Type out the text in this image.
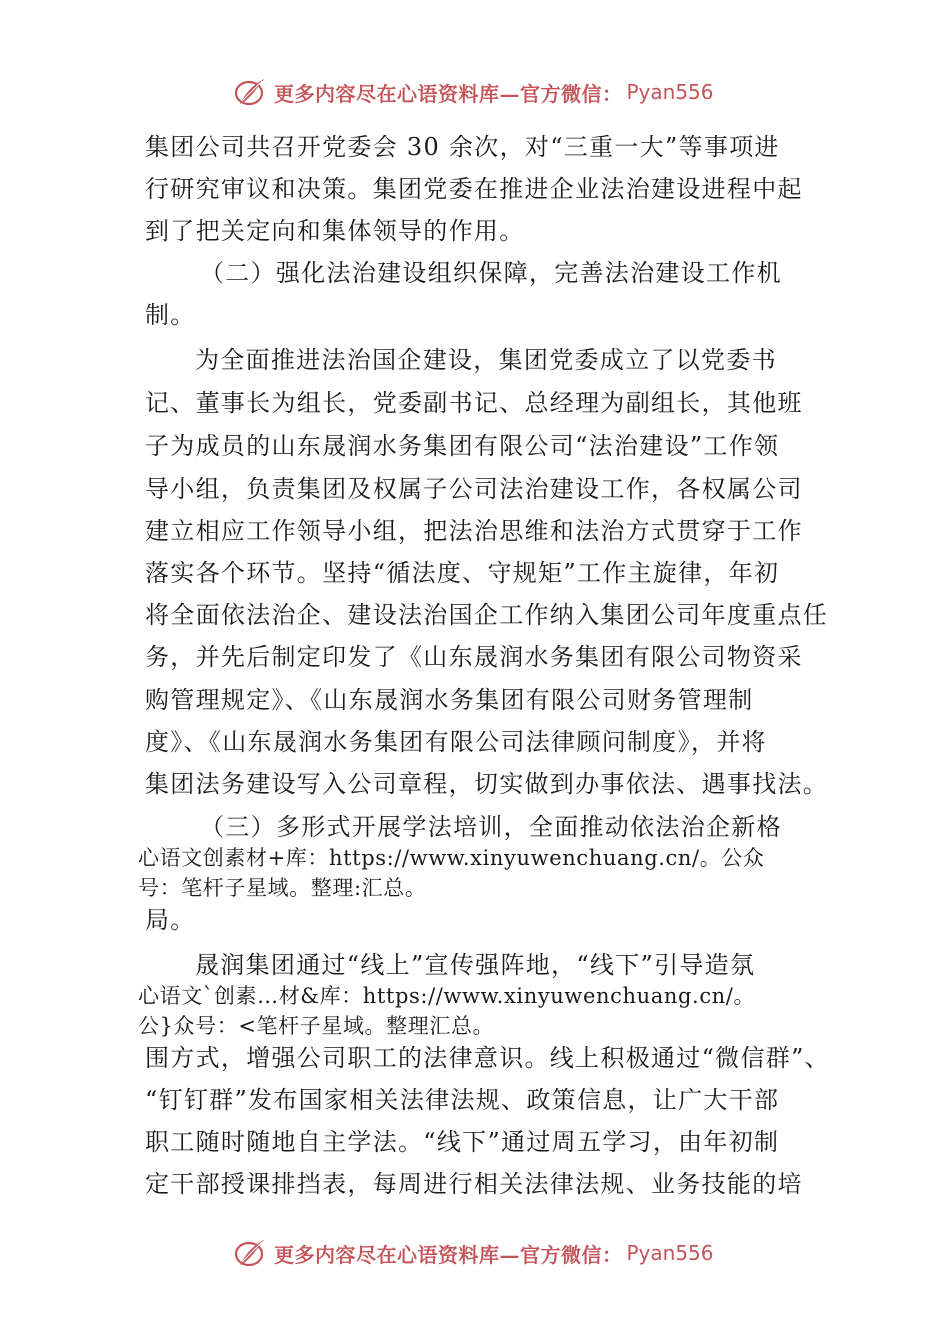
更多内容尽在心语资料库—官方微信： Pyan556
集团公司共召开党委会 30 余次，对“三重一大”等事项进
行研究审议和决策。集团党委在推进企业法治建设进程中起
到了把关定向和集体领导的作用。
（二）强化法治建设组织保障，完善法治建设工作机
制。
为全面推进法治国企建设，集团党委成立了以党委书
记、董事长为组长，党委副书记、总经理为副组长，其他班
子为成员的山东晟润水务集团有限公司“法治建设”工作领
导小组，负责集团及权属子公司法治建设工作，各权属公司
建立相应工作领导小组，把法治思维和法治方式贯穿于工作
落实各个环节。坚持“循法度、守规矩”工作主旋律，年初
将全面依法治企、建设法治国企工作纳入集团公司年度重点任
务，并先后制定印发了《山东晟润水务集团有限公司物资采
购管理规定》、《山东晟润水务集团有限公司财务管理制
度》、《山东晟润水务集团有限公司法律顾问制度》，并将
集团法务建设写入公司章程，切实做到办事依法、遇事找法。
（三）多形式开展学法培训，全面推动依法治企新格
心语文创素材+库：https://www.xinyuwenchuang.cn/。公众
号：笔杆子星域。整理:汇总。
局。
晟润集团通过“线上”宣传强阵地，“线下”引导造氛
心语文`创素…材&库：https://www.xinyuwenchuang.cn/。
公}众号：<笔杆子星域。整理汇总。
围方式，增强公司职工的法律意识。线上积极通过“微信群”、
“钉钉群”发布国家相关法律法规、政策信息，让广大干部
职工随时随地自主学法。“线下”通过周五学习，由年初制
定干部授课排挡表，每周进行相关法律法规、业务技能的培
更多内容尽在心语资料库—官方微信： Pyan556
